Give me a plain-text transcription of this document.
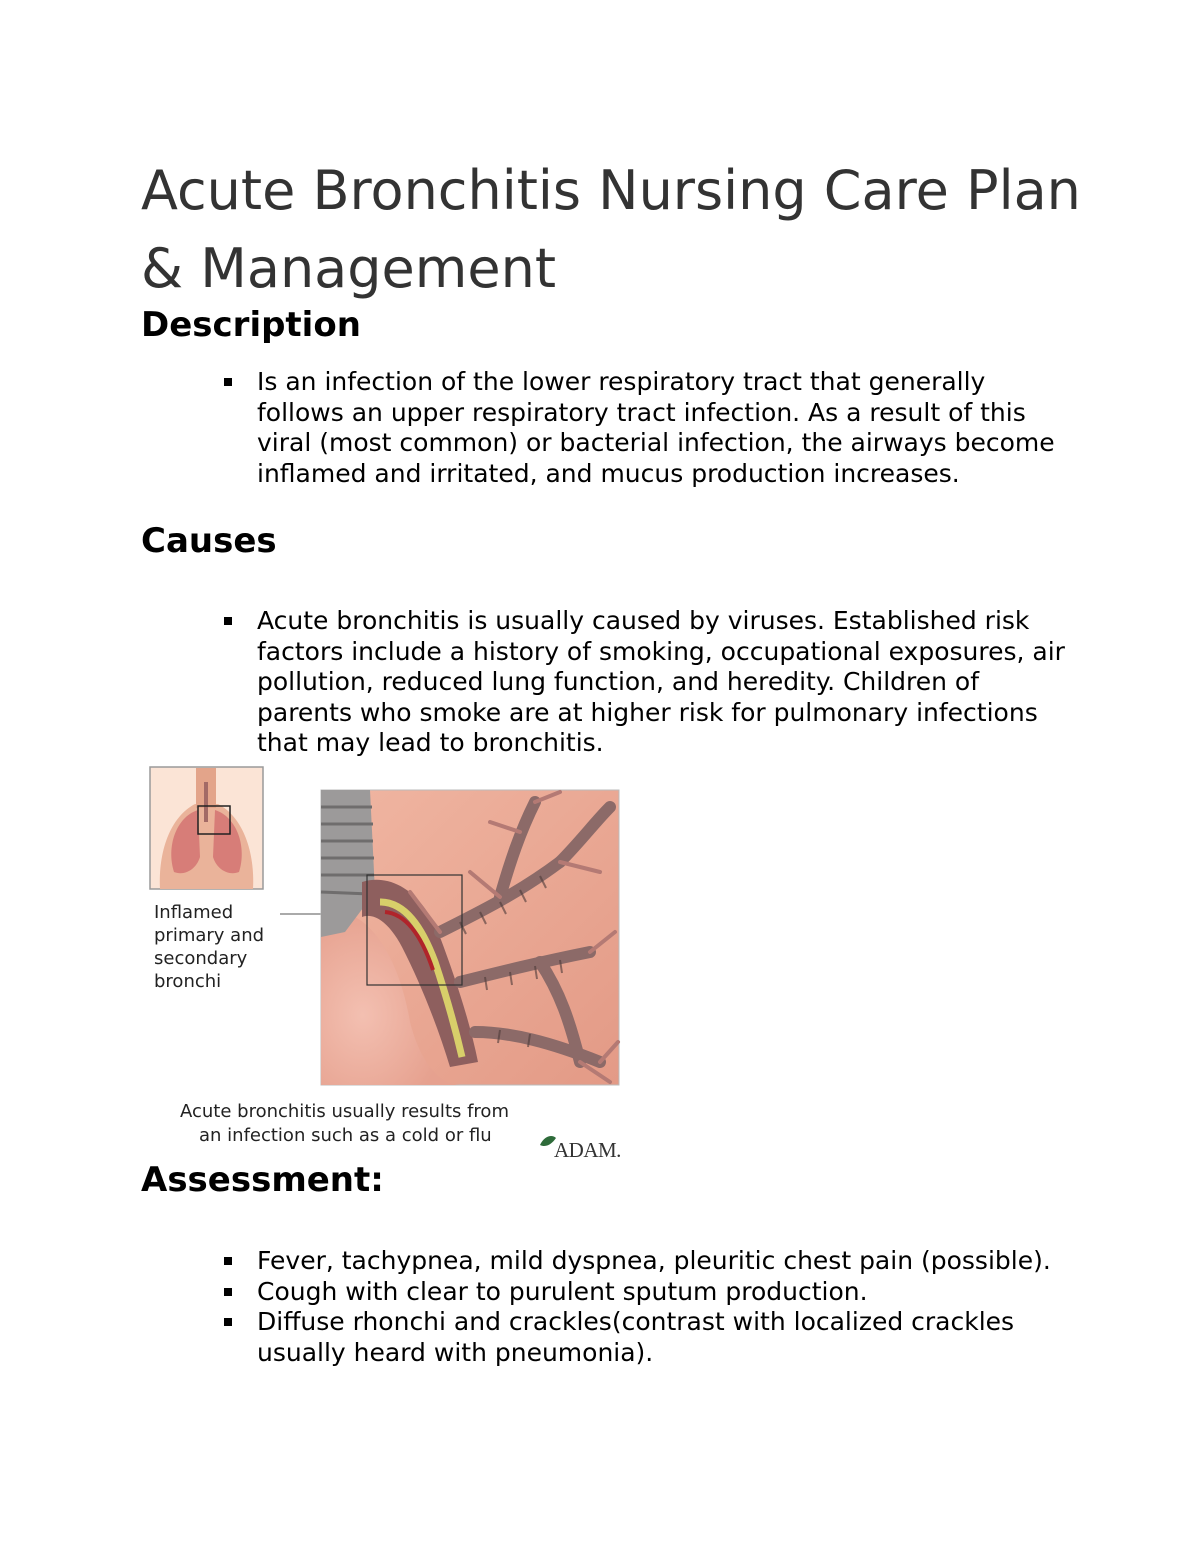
Acute Bronchitis Nursing Care Plan & Management
Description
Is an infection of the lower respiratory tract that generally follows an upper respiratory tract infection. As a result of this viral (most common) or bacterial infection, the airways become inflamed and irritated, and mucus production increases.
Causes
Acute bronchitis is usually caused by viruses. Established risk factors include a history of smoking, occupational exposures, air pollution, reduced lung function, and heredity. Children of parents who smoke are at higher risk for pulmonary infections that may lead to bronchitis.
Inflamed
primary and
secondary
bronchi
Acute bronchitis usually results from
an infection such as a cold or flu
ADAM.
Assessment:
Fever, tachypnea, mild dyspnea, pleuritic chest pain (possible).
Cough with clear to purulent sputum production.
Diffuse rhonchi and crackles(contrast with localized crackles usually heard with pneumonia).
